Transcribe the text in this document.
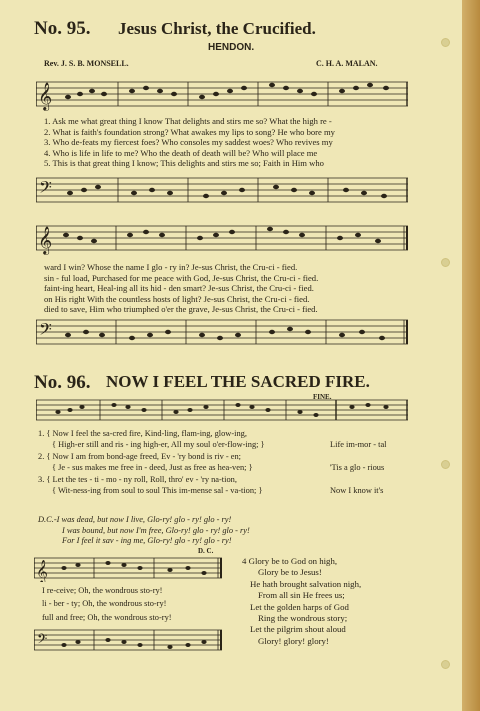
No. 95. Jesus Christ, the Crucified.
HENDON.
Rev. J. S. B. MONSELL.	C. H. A. MALAN.
𝄞
1. Ask me what great thing I know That delights and stirs me so? What the high re -
2. What is faith's foundation strong? What awakes my lips to song? He who bore my
3. Who de-feats my fiercest foes? Who consoles my saddest woes? Who revives my
4. Who is life in life to me? Who the death of death will be? Who will place me
5. This is that great thing I know; This delights and stirs me so; Faith in Him who
𝄢
𝄞
ward I win? Whose the name I glo - ry in? Je-sus Christ, the Cru-ci - fied.
sin - ful load, Purchased for me peace with God, Je-sus Christ, the Cru-ci - fied.
faint-ing heart, Heal-ing all its hid - den smart? Je-sus Christ, the Cru-ci - fied.
on His right With the countless hosts of light? Je-sus Christ, the Cru-ci - fied.
died to save, Him who triumphed o'er the grave, Je-sus Christ, the Cru-ci - fied.
𝄢
No. 96. NOW I FEEL THE SACRED FIRE.
FINE.
1. { Now I feel the sa-cred fire, Kind-ling, flam-ing, glow-ing,
{ High-er still and ris - ing high-er, All my soul o'er-flow-ing; }
2. { Now I am from bond-age freed, Ev - 'ry bond is riv - en;
{ Je - sus makes me free in - deed, Just as free as hea-ven; }
3. { Let the tes - ti - mo - ny roll, Roll, thro' ev - 'ry na-tion,
{ Wit-ness-ing from soul to soul This im-mense sal - va-tion; }
Life im-mor - tal
'Tis a glo - rious
Now I know it's
D.C.-I was dead, but now I live, Glo-ry! glo - ry! glo - ry!
I was bound, but now I'm free, Glo-ry! glo - ry! glo - ry!
For I feel it sav - ing me, Glo-ry! glo - ry! glo - ry!
D. C.
𝄞
I re-ceive; Oh, the wondrous sto-ry!
li - ber - ty; Oh, the wondrous sto-ry!
full and free; Oh, the wondrous sto-ry!
𝄢
4 Glory be to God on high,
Glory be to Jesus!
He hath brought salvation nigh,
From all sin He frees us;
Let the golden harps of God
Ring the wondrous story;
Let the pilgrim shout aloud
Glory! glory! glory!
